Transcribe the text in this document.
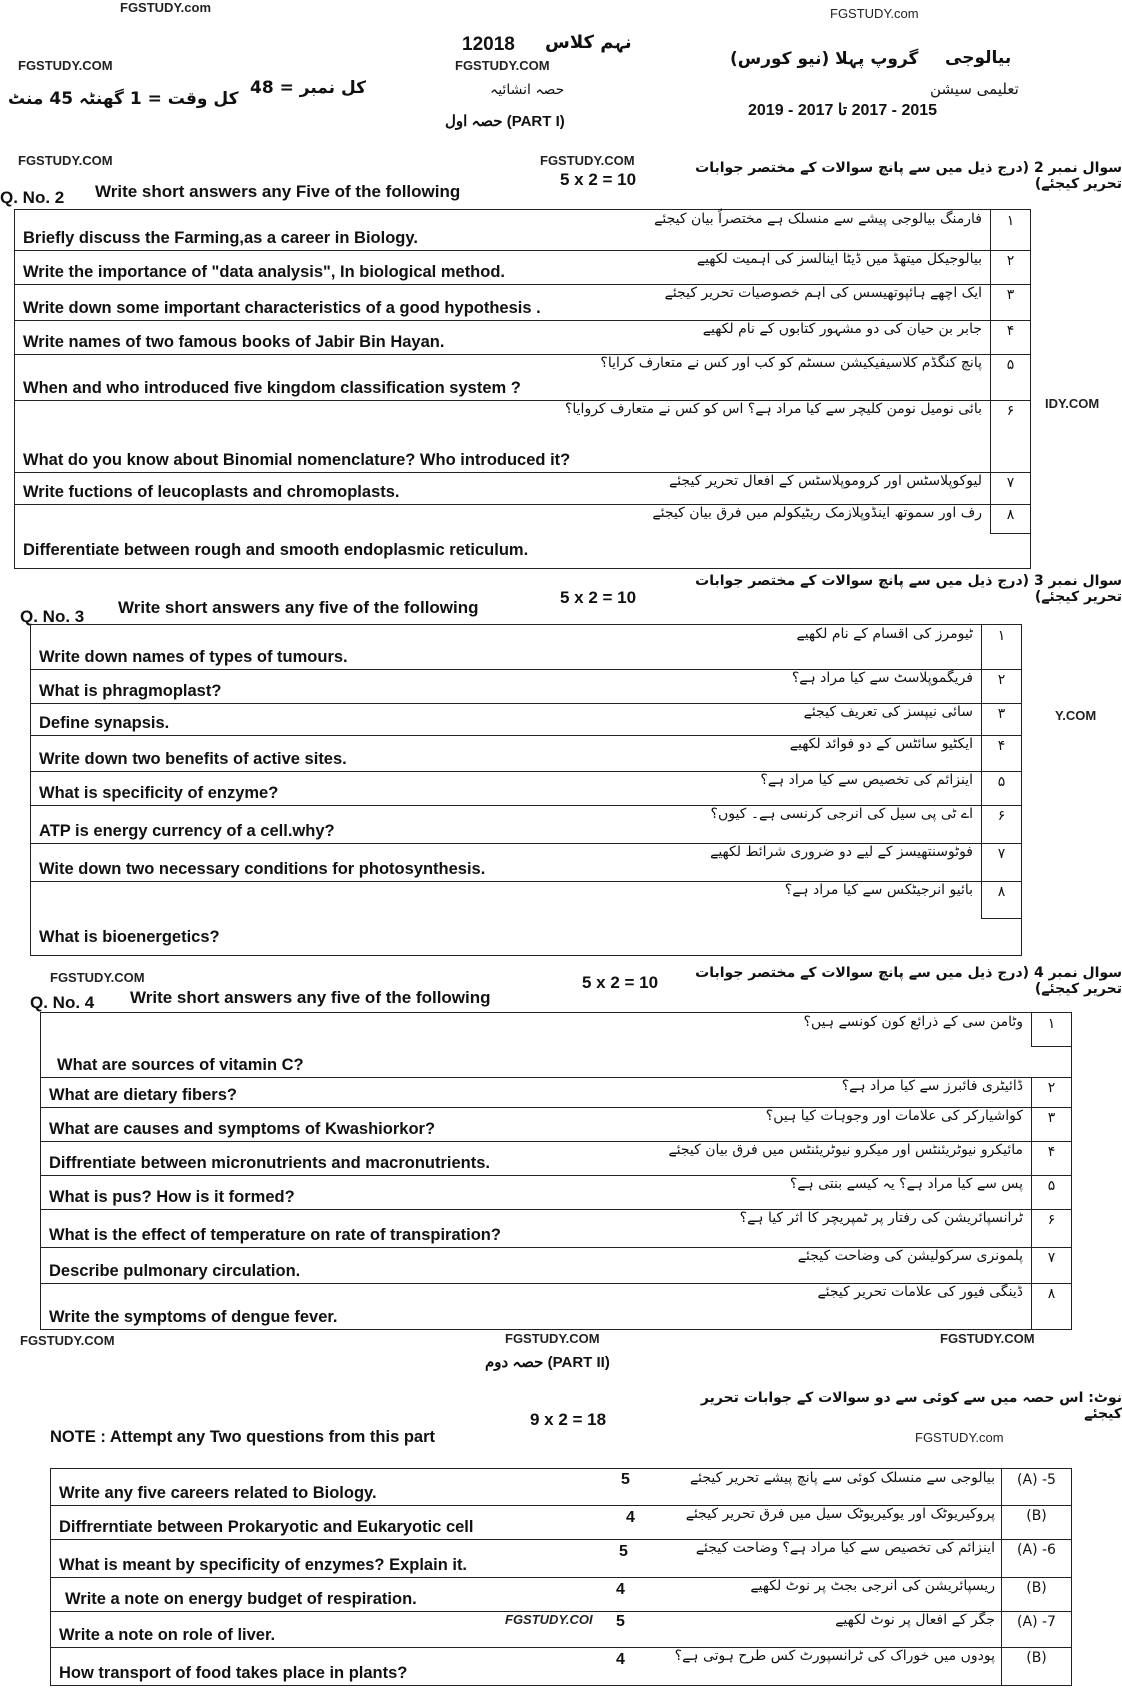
FGSTUDY.com	FGSTUDY.com
FGSTUDY.COM
FGSTUDY.COM	FGSTUDY.COM
IDY.COM
Y.COM
FGSTUDY.COM
FGSTUDY.COM	FGSTUDY.COM	FGSTUDY.COM
FGSTUDY.com
FGSTUDY.COI
12018 نہم کلاس
FGSTUDY.COM
حصہ انشائیہ
حصہ اول (PART I)
بیالوجی
گروپ پہلا (نیو کورس)
تعلیمی سیشن
2015 - 2017 تا 2017 - 2019
کل نمبر = 48
کل وقت = 1 گھنٹہ 45 منٹ
سوال نمبر 2 (درج ذیل میں سے پانچ سوالات کے مختصر جوابات تحریر کیجئے)
Q. No. 2 Write short answers any Five of the following
5 x 2 = 10
۱
فارمنگ بیالوجی پیشے سے منسلک ہے مختصراً بیان کیجئے
Briefly discuss the Farming,as a career in Biology.
۲
بیالوجیکل میتھڈ میں ڈیٹا اینالسز کی اہمیت لکھیے
Write the importance of "data analysis", In biological method.
۳
ایک اچھے ہائپوتھیسس کی اہم خصوصیات تحریر کیجئے
Write down some important characteristics of a good hypothesis .
۴
جابر بن حیان کی دو مشہور کتابوں کے نام لکھیے
Write names of two famous books of Jabir Bin Hayan.
۵
پانچ کنگڈم کلاسیفیکیشن سسٹم کو کب اور کس نے متعارف کرایا؟
When and who introduced five kingdom classification system ?
۶
بائی نومیل نومن کلیچر سے کیا مراد ہے؟ اس کو کس نے متعارف کروایا؟
What do you know about Binomial nomenclature? Who introduced it?
۷
لیوکوپلاسٹس اور کروموپلاسٹس کے افعال تحریر کیجئے
Write fuctions of leucoplasts and chromoplasts.
۸
رف اور سموتھ اینڈوپلازمک ریٹیکولم میں فرق بیان کیجئے
Differentiate between rough and smooth endoplasmic reticulum.
سوال نمبر 3 (درج ذیل میں سے پانچ سوالات کے مختصر جوابات تحریر کیجئے)
Q. No. 3 Write short answers any five of the following
5 x 2 = 10
۱
ٹیومرز کی اقسام کے نام لکھیے
Write down names of types of tumours.
۲
فریگموپلاسٹ سے کیا مراد ہے؟
What is phragmoplast?
۳
سائی نیپسز کی تعریف کیجئے
Define synapsis.
۴
ایکٹیو سائٹس کے دو فوائد لکھیے
Write down two benefits of active sites.
۵
اینزائم کی تخصیص سے کیا مراد ہے؟
What is specificity of enzyme?
۶
اے ٹی پی سیل کی انرجی کرنسی ہے۔ کیوں؟
ATP is energy currency of a cell.why?
۷
فوٹوسنتھیسز کے لیے دو ضروری شرائط لکھیے
Wite down two necessary conditions for photosynthesis.
۸
بائیو انرجیٹکس سے کیا مراد ہے؟
What is bioenergetics?
سوال نمبر 4 (درج ذیل میں سے پانچ سوالات کے مختصر جوابات تحریر کیجئے)
Q. No. 4 Write short answers any five of the following
5 x 2 = 10
۱
وٹامن سی کے ذرائع کون کونسے ہیں؟
What are sources of vitamin C?
۲
ڈائیٹری فائبرز سے کیا مراد ہے؟
What are dietary fibers?
۳
کواشیارکر کی علامات اور وجوہات کیا ہیں؟
What are causes and symptoms of Kwashiorkor?
۴
مائیکرو نیوٹریئنٹس اور میکرو نیوٹریئنٹس میں فرق بیان کیجئے
Diffrentiate between micronutrients and macronutrients.
۵
پس سے کیا مراد ہے؟ یہ کیسے بنتی ہے؟
What is pus? How is it formed?
۶
ٹرانسپائریشن کی رفتار پر ٹمپریچر کا اثر کیا ہے؟
What is the effect of temperature on rate of transpiration?
۷
پلمونری سرکولیشن کی وضاحت کیجئے
Describe pulmonary circulation.
۸
ڈینگی فیور کی علامات تحریر کیجئے
Write the symptoms of dengue fever.
حصہ دوم (PART II)
نوٹ: اس حصہ میں سے کوئی سے دو سوالات کے جوابات تحریر کیجئے
NOTE : Attempt any Two questions from this part
9 x 2 = 18
(A) -5
بیالوجی سے منسلک کوئی سے پانچ پیشے تحریر کیجئے
Write any five careers related to Biology.
5
(B)
پروکیریوٹک اور یوکیریوٹک سیل میں فرق تحریر کیجئے
Diffrerntiate between Prokaryotic and Eukaryotic cell
4
(A) -6
اینزائم کی تخصیص سے کیا مراد ہے؟ وضاحت کیجئے
What is meant by specificity of enzymes? Explain it.
5
(B)
ریسپائریشن کی انرجی بجٹ پر نوٹ لکھیے
Write a note on energy budget of respiration.
4
(A) -7
جگر کے افعال پر نوٹ لکھیے
Write a note on role of liver.
5
(B)
پودوں میں خوراک کی ٹرانسپورٹ کس طرح ہوتی ہے؟
How transport of food takes place in plants?
4
